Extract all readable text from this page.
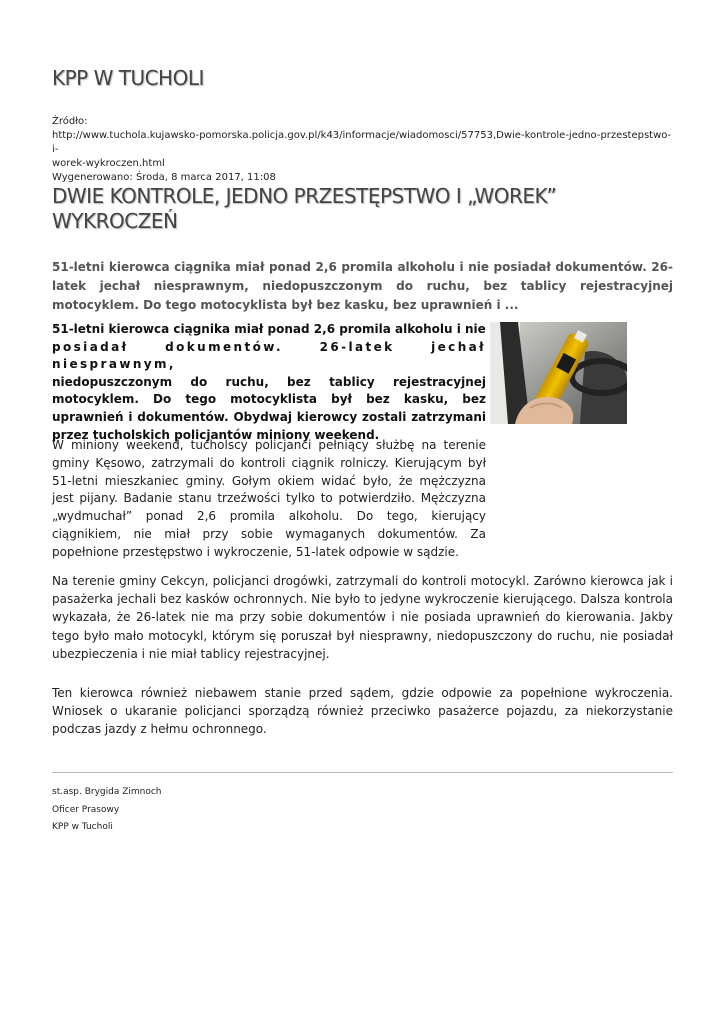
KPP W TUCHOLI
Źródło:
http://www.tuchola.kujawsko-pomorska.policja.gov.pl/k43/informacje/wiadomosci/57753,Dwie-kontrole-jedno-przestepstwo-i-
worek-wykroczen.html
Wygenerowano: Środa, 8 marca 2017, 11:08
DWIE KONTROLE, JEDNO PRZESTĘPSTWO I „WOREK” WYKROCZEŃ

51-letni kierowca ciągnika miał ponad 2,6 promila alkoholu i nie posiadał dokumentów. 26-latek jechał niesprawnym, niedopuszczonym do ruchu, bez tablicy rejestracyjnej motocyklem. Do tego motocyklista był bez kasku, bez uprawnień i ...

51-letni kierowca ciągnika miał ponad 2,6 promila alkoholu i nie
posiadał dokumentów. 26-latek jechał niesprawnym,
niedopuszczonym do ruchu, bez tablicy rejestracyjnej motocyklem. Do tego motocyklista był bez kasku, bez uprawnień i dokumentów. Obydwaj kierowcy zostali zatrzymani przez tucholskich policjantów miniony weekend.

W miniony weekend, tucholscy policjanci pełniący służbę na terenie gminy Kęsowo, zatrzymali do kontroli ciągnik rolniczy. Kierującym był 51-letni mieszkaniec gminy. Gołym okiem widać było, że mężczyzna jest pijany. Badanie stanu trzeźwości tylko to potwierdziło. Mężczyzna „wydmuchał” ponad 2,6 promila alkoholu. Do tego, kierujący ciągnikiem, nie miał przy sobie wymaganych dokumentów. Za popełnione przestępstwo i wykroczenie, 51-latek odpowie w sądzie.

Na terenie gminy Cekcyn, policjanci drogówki, zatrzymali do kontroli motocykl. Zarówno kierowca jak i pasażerka jechali bez kasków ochronnych. Nie było to jedyne wykroczenie kierującego. Dalsza kontrola wykazała, że 26-latek nie ma przy sobie dokumentów i nie posiada uprawnień do kierowania. Jakby tego było mało motocykl, którym się poruszał był niesprawny, niedopuszczony do ruchu, nie posiadał ubezpieczenia i nie miał tablicy rejestracyjnej.

Ten kierowca również niebawem stanie przed sądem, gdzie odpowie za popełnione wykroczenia. Wniosek o ukaranie policjanci sporządzą również przeciwko pasażerce pojazdu, za niekorzystanie podczas jazdy z hełmu ochronnego.

st.asp. Brygida Zimnoch
Oficer Prasowy
KPP w Tucholi
